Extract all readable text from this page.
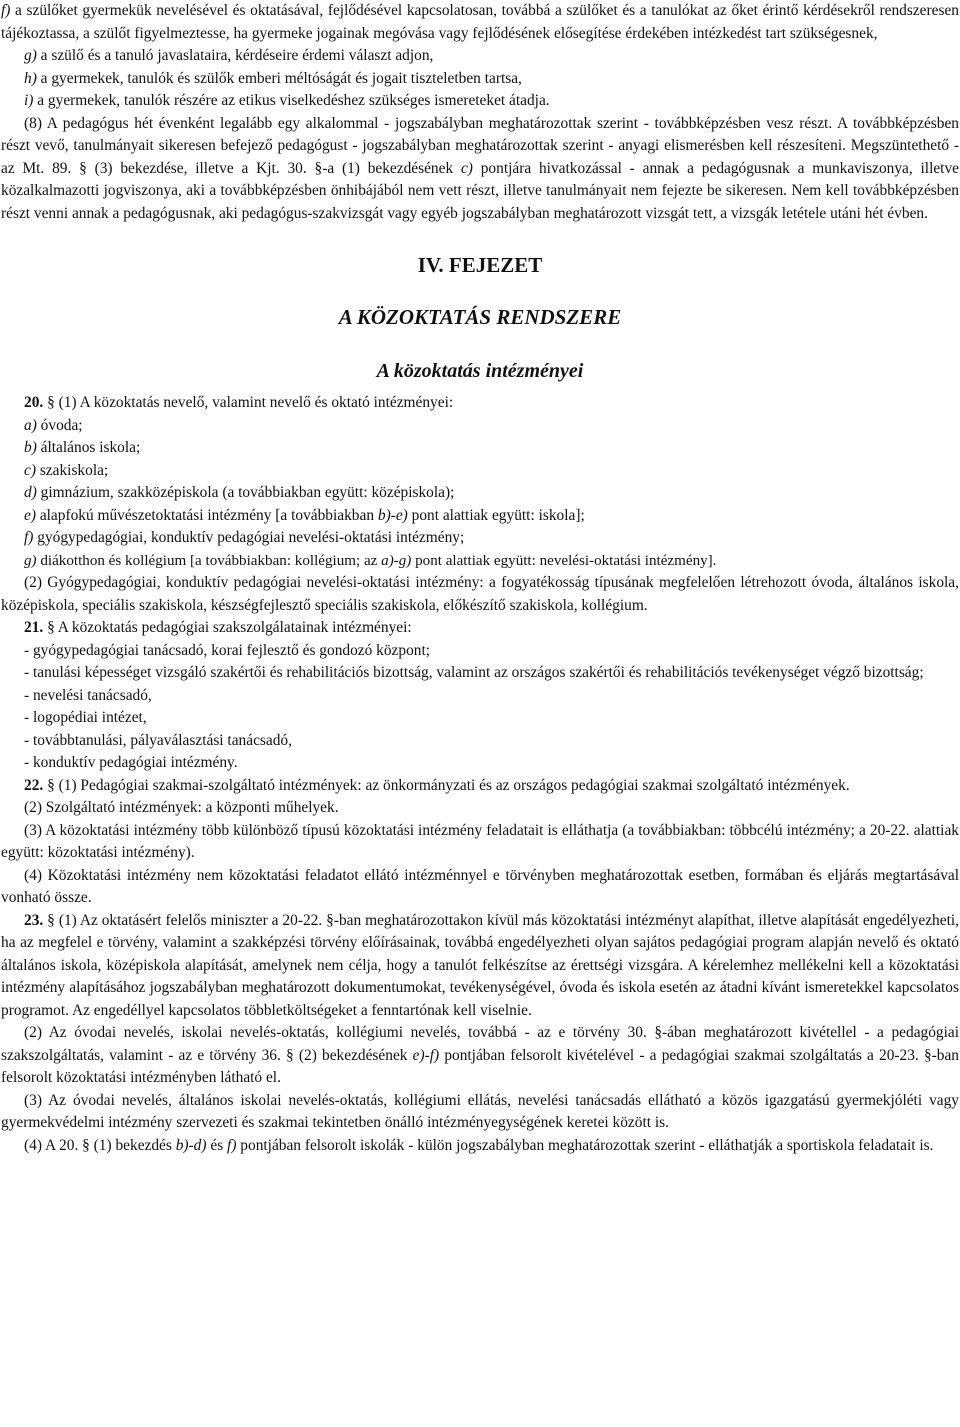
f) a szülőket gyermekük nevelésével és oktatásával, fejlődésével kapcsolatosan, továbbá a szülőket és a tanulókat az őket érintő kérdésekről rendszeresen tájékoztassa, a szülőt figyelmeztesse, ha gyermeke jogainak megóvása vagy fejlődésének elősegítése érdekében intézkedést tart szükségesnek,

g) a szülő és a tanuló javaslataira, kérdéseire érdemi választ adjon,

h) a gyermekek, tanulók és szülők emberi méltóságát és jogait tiszteletben tartsa,

i) a gyermekek, tanulók részére az etikus viselkedéshez szükséges ismereteket átadja.

(8) A pedagógus hét évenként legalább egy alkalommal - jogszabályban meghatározottak szerint - továbbképzésben vesz részt. A továbbképzésben részt vevő, tanulmányait sikeresen befejező pedagógust - jogszabályban meghatározottak szerint - anyagi elismerésben kell részesíteni. Megszüntethető - az Mt. 89. § (3) bekezdése, illetve a Kjt. 30. §-a (1) bekezdésének c) pontjára hivatkozással - annak a pedagógusnak a munkaviszonya, illetve közalkalmazotti jogviszonya, aki a továbbképzésben önhibájából nem vett részt, illetve tanulmányait nem fejezte be sikeresen. Nem kell továbbképzésben részt venni annak a pedagógusnak, aki pedagógus-szakvizsgát vagy egyéb jogszabályban meghatározott vizsgát tett, a vizsgák letétele utáni hét évben.

IV. FEJEZET
A KÖZOKTATÁS RENDSZERE
A közoktatás intézményei

20. § (1) A közoktatás nevelő, valamint nevelő és oktató intézményei:

a) óvoda;

b) általános iskola;

c) szakiskola;

d) gimnázium, szakközépiskola (a továbbiakban együtt: középiskola);

e) alapfokú művészetoktatási intézmény [a továbbiakban b)-e) pont alattiak együtt: iskola];

f) gyógypedagógiai, konduktív pedagógiai nevelési-oktatási intézmény;

g) diákotthon és kollégium [a továbbiakban: kollégium; az a)-g) pont alattiak együtt: nevelési-oktatási intézmény].

(2) Gyógypedagógiai, konduktív pedagógiai nevelési-oktatási intézmény: a fogyatékosság típusának megfelelően létrehozott óvoda, általános iskola, középiskola, speciális szakiskola, készségfejlesztő speciális szakiskola, előkészítő szakiskola, kollégium.

21. § A közoktatás pedagógiai szakszolgálatainak intézményei:

- gyógypedagógiai tanácsadó, korai fejlesztő és gondozó központ;

- tanulási képességet vizsgáló szakértői és rehabilitációs bizottság, valamint az országos szakértői és rehabilitációs tevékenységet végző bizottság;

- nevelési tanácsadó,

- logopédiai intézet,

- továbbtanulási, pályaválasztási tanácsadó,

- konduktív pedagógiai intézmény.

22. § (1) Pedagógiai szakmai-szolgáltató intézmények: az önkormányzati és az országos pedagógiai szakmai szolgáltató intézmények.

(2) Szolgáltató intézmények: a központi műhelyek.

(3) A közoktatási intézmény több különböző típusú közoktatási intézmény feladatait is elláthatja (a továbbiakban: többcélú intézmény; a 20-22. alattiak együtt: közoktatási intézmény).

(4) Közoktatási intézmény nem közoktatási feladatot ellátó intézménnyel e törvényben meghatározottak esetben, formában és eljárás megtartásával vonható össze.

23. § (1) Az oktatásért felelős miniszter a 20-22. §-ban meghatározottakon kívül más közoktatási intézményt alapíthat, illetve alapítását engedélyezheti, ha az megfelel e törvény, valamint a szakképzési törvény előírásainak, továbbá engedélyezheti olyan sajátos pedagógiai program alapján nevelő és oktató általános iskola, középiskola alapítását, amelynek nem célja, hogy a tanulót felkészítse az érettségi vizsgára. A kérelemhez mellékelni kell a közoktatási intézmény alapításához jogszabályban meghatározott dokumentumokat, tevékenységével, óvoda és iskola esetén az átadni kívánt ismeretekkel kapcsolatos programot. Az engedéllyel kapcsolatos többletköltségeket a fenntartónak kell viselnie.

(2) Az óvodai nevelés, iskolai nevelés-oktatás, kollégiumi nevelés, továbbá - az e törvény 30. §-ában meghatározott kivétellel - a pedagógiai szakszolgáltatás, valamint - az e törvény 36. § (2) bekezdésének e)-f) pontjában felsorolt kivételével - a pedagógiai szakmai szolgáltatás a 20-23. §-ban felsorolt közoktatási intézményben látható el.

(3) Az óvodai nevelés, általános iskolai nevelés-oktatás, kollégiumi ellátás, nevelési tanácsadás ellátható a közös igazgatású gyermekjóléti vagy gyermekvédelmi intézmény szervezeti és szakmai tekintetben önálló intézményegységének keretei között is.

(4) A 20. § (1) bekezdés b)-d) és f) pontjában felsorolt iskolák - külön jogszabályban meghatározottak szerint - elláthatják a sportiskola feladatait is.
